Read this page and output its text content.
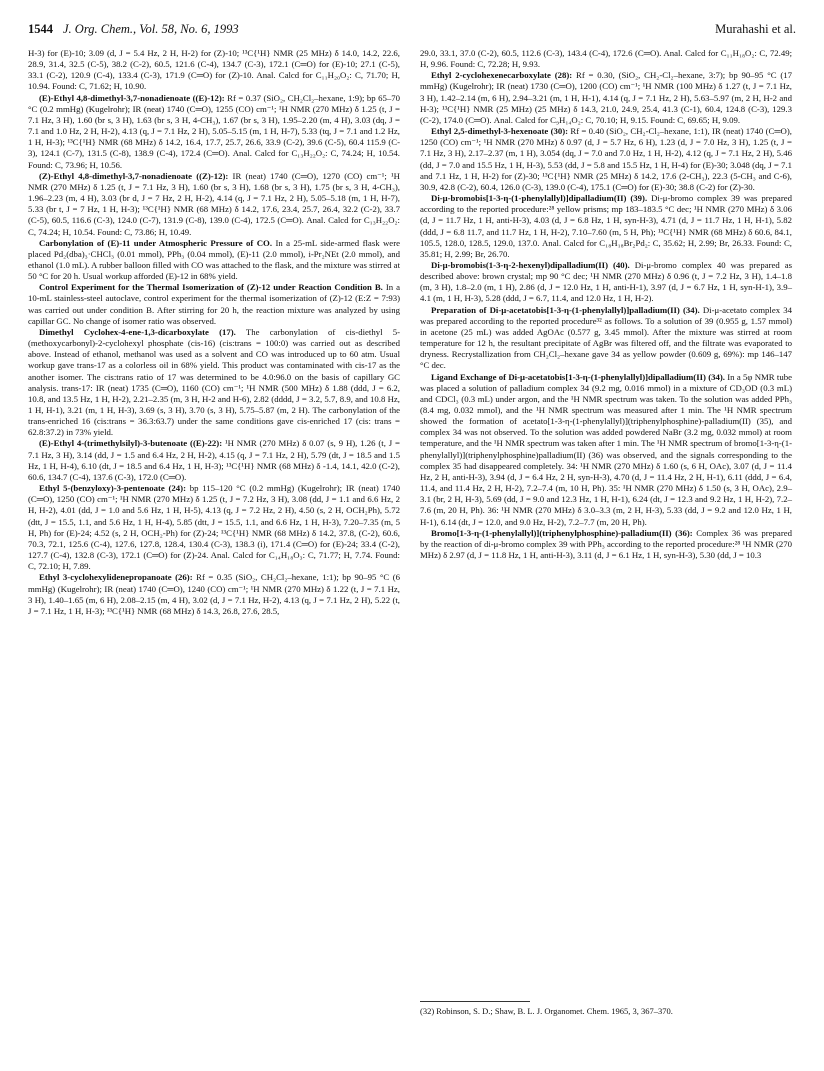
1544 J. Org. Chem., Vol. 58, No. 6, 1993	Murahashi et al.

H-3) for (E)-10; 3.09 (d, J = 5.4 Hz, 2 H, H-2) for (Z)-10; ¹³C{¹H} NMR (25 MHz) δ 14.0, 14.2, 22.6, 28.9, 31.4, 32.5 (C-5), 38.2 (C-2), 60.5, 121.6 (C-4), 134.7 (C-3), 172.1 (C═O) for (E)-10; 27.1 (C-5), 33.1 (C-2), 120.9 (C-4), 133.4 (C-3), 171.9 (C═O) for (Z)-10. Anal. Calcd for C₁₁H₂₀O₂: C, 71.70; H, 10.94. Found: C, 71.62; H, 10.90.

(E)-Ethyl 4,8-dimethyl-3,7-nonadienoate ((E)-12): Rf = 0.37 (SiO₂, CH₂Cl₂–hexane, 1:9); bp 65–70 °C (0.2 mmHg) (Kugelrohr); IR (neat) 1740 (C═O), 1255 (CO) cm⁻¹; ¹H NMR (270 MHz) δ 1.25 (t, J = 7.1 Hz, 3 H), 1.60 (br s, 3 H), 1.63 (br s, 3 H, 4-CH₃), 1.67 (br s, 3 H), 1.95–2.20 (m, 4 H), 3.03 (dq, J = 7.1 and 1.0 Hz, 2 H, H-2), 4.13 (q, J = 7.1 Hz, 2 H), 5.05–5.15 (m, 1 H, H-7), 5.33 (tq, J = 7.1 and 1.2 Hz, 1 H, H-3); ¹³C{¹H} NMR (68 MHz) δ 14.2, 16.4, 17.7, 25.7, 26.6, 33.9 (C-2), 39.6 (C-5), 60.4 115.9 (C-3), 124.1 (C-7), 131.5 (C-8), 138.9 (C-4), 172.4 (C═O). Anal. Calcd for C₁₃H₂₂O₂: C, 74.24; H, 10.54. Found: C, 73.96; H, 10.56.

(Z)-Ethyl 4,8-dimethyl-3,7-nonadienoate ((Z)-12): IR (neat) 1740 (C═O), 1270 (CO) cm⁻¹; ¹H NMR (270 MHz) δ 1.25 (t, J = 7.1 Hz, 3 H), 1.60 (br s, 3 H), 1.68 (br s, 3 H), 1.75 (br s, 3 H, 4-CH₃), 1.96–2.23 (m, 4 H), 3.03 (br d, J = 7 Hz, 2 H, H-2), 4.14 (q, J = 7.1 Hz, 2 H), 5.05–5.18 (m, 1 H, H-7), 5.33 (br t, J = 7 Hz, 1 H, H-3); ¹³C{¹H} NMR (68 MHz) δ 14.2, 17.6, 23.4, 25.7, 26.4, 32.2 (C-2), 33.7 (C-5), 60.5, 116.6 (C-3), 124.0 (C-7), 131.9 (C-8), 139.0 (C-4), 172.5 (C═O). Anal. Calcd for C₁₃H₂₂O₂: C, 74.24; H, 10.54. Found: C, 73.86; H, 10.49.

Carbonylation of (E)-11 under Atmospheric Pressure of CO. In a 25-mL side-armed flask were placed Pd₂(dba)₃·CHCl₃ (0.01 mmol), PPh₃ (0.04 mmol), (E)-11 (2.0 mmol), i-Pr₂NEt (2.0 mmol), and ethanol (1.0 mL). A rubber balloon filled with CO was attached to the flask, and the mixture was stirred at 50 °C for 20 h. Usual workup afforded (E)-12 in 68% yield.

Control Experiment for the Thermal Isomerization of (Z)-12 under Reaction Condition B. In a 10-mL stainless-steel autoclave, control experiment for the thermal isomerization of (Z)-12 (E:Z = 7:93) was carried out under condition B. After stirring for 20 h, the reaction mixture was analyzed by using capillar GC. No change of isomer ratio was observed.

Dimethyl Cyclohex-4-ene-1,3-dicarboxylate (17). The carbonylation of cis-diethyl 5-(methoxycarbonyl)-2-cyclohexyl phosphate (cis-16) (cis:trans = 100:0) was carried out as described above. Instead of ethanol, methanol was used as a solvent and CO was introduced up to 60 atm. Usual workup gave trans-17 as a colorless oil in 68% yield. This product was contaminated with cis-17 as the another isomer. The cis:trans ratio of 17 was determined to be 4.0:96.0 on the basis of capillary GC analysis. trans-17: IR (neat) 1735 (C═O), 1160 (CO) cm⁻¹; ¹H NMR (500 MHz) δ 1.88 (ddd, J = 6.2, 10.8, and 13.5 Hz, 1 H, H-2), 2.21–2.35 (m, 3 H, H-2 and H-6), 2.82 (dddd, J = 3.2, 5.7, 8.9, and 10.8 Hz, 1 H, H-1), 3.21 (m, 1 H, H-3), 3.69 (s, 3 H), 3.70 (s, 3 H), 5.75–5.87 (m, 2 H). The carbonylation of the trans-enriched 16 (cis:trans = 36.3:63.7) under the same conditions gave cis-enriched 17 (cis: trans = 62.8:37.2) in 73% yield.

(E)-Ethyl 4-(trimethylsilyl)-3-butenoate ((E)-22): ¹H NMR (270 MHz) δ 0.07 (s, 9 H), 1.26 (t, J = 7.1 Hz, 3 H), 3.14 (dd, J = 1.5 and 6.4 Hz, 2 H, H-2), 4.15 (q, J = 7.1 Hz, 2 H), 5.79 (dt, J = 18.5 and 1.5 Hz, 1 H, H-4), 6.10 (dt, J = 18.5 and 6.4 Hz, 1 H, H-3); ¹³C{¹H} NMR (68 MHz) δ -1.4, 14.1, 42.0 (C-2), 60.6, 134.7 (C-4), 137.6 (C-3), 172.0 (C═O).

Ethyl 5-(benzyloxy)-3-pentenoate (24): bp 115–120 °C (0.2 mmHg) (Kugelrohr); IR (neat) 1740 (C═O), 1250 (CO) cm⁻¹; ¹H NMR (270 MHz) δ 1.25 (t, J = 7.2 Hz, 3 H), 3.08 (dd, J = 1.1 and 6.6 Hz, 2 H, H-2), 4.01 (dd, J = 1.0 and 5.6 Hz, 1 H, H-5), 4.13 (q, J = 7.2 Hz, 2 H), 4.50 (s, 2 H, OCH₂Ph), 5.72 (dtt, J = 15.5, 1.1, and 5.6 Hz, 1 H, H-4), 5.85 (dtt, J = 15.5, 1.1, and 6.6 Hz, 1 H, H-3), 7.20–7.35 (m, 5 H, Ph) for (E)-24; 4.52 (s, 2 H, OCH₂-Ph) for (Z)-24; ¹³C{¹H} NMR (68 MHz) δ 14.2, 37.8, (C-2), 60.6, 70.3, 72.1, 125.6 (C-4), 127.6, 127.8, 128.4, 130.4 (C-3), 138.3 (i), 171.4 (C═O) for (E)-24; 33.4 (C-2), 127.7 (C-4), 132.8 (C-3), 172.1 (C═O) for (Z)-24. Anal. Calcd for C₁₄H₁₈O₃: C, 71.77; H, 7.74. Found: C, 72.10; H, 7.89.

Ethyl 3-cyclohexylidenepropanoate (26): Rf = 0.35 (SiO₂, CH₂Cl₂–hexane, 1:1); bp 90–95 °C (6 mmHg) (Kugelrohr); IR (neat) 1740 (C═O), 1240 (CO) cm⁻¹; ¹H NMR (270 MHz) δ 1.22 (t, J = 7.1 Hz, 3 H), 1.40–1.65 (m, 6 H), 2.08–2.15 (m, 4 H), 3.02 (d, J = 7.1 Hz, H-2), 4.13 (q, J = 7.1 Hz, 2 H), 5.22 (t, J = 7.1 Hz, 1 H, H-3); ¹³C{¹H} NMR (68 MHz) δ 14.3, 26.8, 27.6, 28.5,

29.0, 33.1, 37.0 (C-2), 60.5, 112.6 (C-3), 143.4 (C-4), 172.6 (C═O). Anal. Calcd for C₁₁H₁₈O₂: C, 72.49; H, 9.96. Found: C, 72.28; H, 9.93.

Ethyl 2-cyclohexenecarboxylate (28): Rf = 0.30, (SiO₂, CH₂-Cl₂–hexane, 3:7); bp 90–95 °C (17 mmHg) (Kugelrohr); IR (neat) 1730 (C═O), 1200 (CO) cm⁻¹; ¹H NMR (100 MHz) δ 1.27 (t, J = 7.1 Hz, 3 H), 1.42–2.14 (m, 6 H), 2.94–3.21 (m, 1 H, H-1), 4.14 (q, J = 7.1 Hz, 2 H), 5.63–5.97 (m, 2 H, H-2 and H-3); ¹³C{¹H} NMR (25 MHz) (25 MHz) δ 14.3, 21.0, 24.9, 25.4, 41.3 (C-1), 60.4, 124.8 (C-3), 129.3 (C-2), 174.0 (C═O). Anal. Calcd for C₉H₁₄O₂: C, 70.10; H, 9.15. Found: C, 69.65; H, 9.09.

Ethyl 2,5-dimethyl-3-hexenoate (30): Rf = 0.40 (SiO₂, CH₂-Cl₂–hexane, 1:1), IR (neat) 1740 (C═O), 1250 (CO) cm⁻¹; ¹H NMR (270 MHz) δ 0.97 (d, J = 5.7 Hz, 6 H), 1.23 (d, J = 7.0 Hz, 3 H), 1.25 (t, J = 7.1 Hz, 3 H), 2.17–2.37 (m, 1 H), 3.054 (dq, J = 7.0 and 7.0 Hz, 1 H, H-2), 4.12 (q, J = 7.1 Hz, 2 H), 5.46 (dd, J = 7.0 and 15.5 Hz, 1 H, H-3), 5.53 (dd, J = 5.8 and 15.5 Hz, 1 H, H-4) for (E)-30; 3.048 (dq, J = 7.1 and 7.1 Hz, 1 H, H-2) for (Z)-30; ¹³C{¹H} NMR (25 MHz) δ 14.2, 17.6 (2-CH₃), 22.3 (5-CH₃ and C-6), 30.9, 42.8 (C-2), 60.4, 126.0 (C-3), 139.0 (C-4), 175.1 (C═O) for (E)-30; 38.8 (C-2) for (Z)-30.

Di-μ-bromobis[1-3-η-(1-phenylallyl)]dipalladium(II) (39). Di-μ-bromo complex 39 was prepared according to the reported procedure:²⁸ yellow prisms; mp 183–183.5 °C dec; ¹H NMR (270 MHz) δ 3.06 (d, J = 11.7 Hz, 1 H, anti-H-3), 4.03 (d, J = 6.8 Hz, 1 H, syn-H-3), 4.71 (d, J = 11.7 Hz, 1 H, H-1), 5.82 (ddd, J = 6.8 11.7, and 11.7 Hz, 1 H, H-2), 7.10–7.60 (m, 5 H, Ph); ¹³C{¹H} NMR (68 MHz) δ 60.6, 84.1, 105.5, 128.0, 128.5, 129.0, 137.0. Anal. Calcd for C₁₈H₁₈Br₂Pd₂: C, 35.62; H, 2.99; Br, 26.33. Found: C, 35.81; H, 2.99; Br, 26.70.

Di-μ-bromobis(1-3-η-2-hexenyl)dipalladium(II) (40). Di-μ-bromo complex 40 was prepared as described above: brown crystal; mp 90 °C dec; ¹H NMR (270 MHz) δ 0.96 (t, J = 7.2 Hz, 3 H), 1.4–1.8 (m, 3 H), 1.8–2.0 (m, 1 H), 2.86 (d, J = 12.0 Hz, 1 H, anti-H-1), 3.97 (d, J = 6.7 Hz, 1 H, syn-H-1), 3.9–4.1 (m, 1 H, H-3), 5.28 (ddd, J = 6.7, 11.4, and 12.0 Hz, 1 H, H-2).

Preparation of Di-μ-acetatobis[1-3-η-(1-phenylallyl)]palladium(II) (34). Di-μ-acetato complex 34 was prepared according to the reported procedure³² as follows. To a solution of 39 (0.955 g, 1.57 mmol) in acetone (25 mL) was added AgOAc (0.577 g, 3.45 mmol). After the mixture was stirred at room temperature for 12 h, the resultant precipitate of AgBr was filtered off, and the filtrate was evaporated to dryness. Recrystallization from CH₂Cl₂–hexane gave 34 as yellow powder (0.609 g, 69%): mp 146–147 °C dec.

Ligand Exchange of Di-μ-acetatobis[1-3-η-(1-phenylallyl)]dipalladium(II) (34). In a 5φ NMR tube was placed a solution of palladium complex 34 (9.2 mg, 0.016 mmol) in a mixture of CD₃OD (0.3 mL) and CDCl₃ (0.3 mL) under argon, and the ¹H NMR spectrum was taken. To the solution was added PPh₃ (8.4 mg, 0.032 mmol), and the ¹H NMR spectrum was measured after 1 min. The ¹H NMR spectrum showed the formation of acetato[1-3-η-(1-phenylallyl)](triphenylphosphine)-palladium(II) (35), and complex 34 was not observed. To the solution was added powdered NaBr (3.2 mg, 0.032 mmol) at room temperature, and the ¹H NMR spectrum was taken after 1 min. The ¹H NMR spectrum of bromo[1-3-η-(1-phenylallyl)](triphenylphosphine)palladium(II) (36) was observed, and the signals corresponding to the complex 35 had disappeared completely. 34: ¹H NMR (270 MHz) δ 1.60 (s, 6 H, OAc), 3.07 (d, J = 11.4 Hz, 2 H, anti-H-3), 3.94 (d, J = 6.4 Hz, 2 H, syn-H-3), 4.70 (d, J = 11.4 Hz, 2 H, H-1), 6.11 (ddd, J = 6.4, 11.4, and 11.4 Hz, 2 H, H-2), 7.2–7.4 (m, 10 H, Ph). 35: ¹H NMR (270 MHz) δ 1.50 (s, 3 H, OAc), 2.9–3.1 (br, 2 H, H-3), 5.69 (dd, J = 9.0 and 12.3 Hz, 1 H, H-1), 6.24 (dt, J = 12.3 and 9.2 Hz, 1 H, H-2), 7.2–7.6 (m, 20 H, Ph). 36: ¹H NMR (270 MHz) δ 3.0–3.3 (m, 2 H, H-3), 5.33 (dd, J = 9.2 and 12.0 Hz, 1 H, H-1), 6.14 (dt, J = 12.0, and 9.0 Hz, H-2), 7.2–7.7 (m, 20 H, Ph).

Bromo[1-3-η-(1-phenylallyl)](triphenylphosphine)-palladium(II) (36): Complex 36 was prepared by the reaction of di-μ-bromo complex 39 with PPh₃ according to the reported procedure:²⁸ ¹H NMR (270 MHz) δ 2.97 (d, J = 11.8 Hz, 1 H, anti-H-3), 3.11 (d, J = 6.1 Hz, 1 H, syn-H-3), 5.30 (dd, J = 10.3

(32) Robinson, S. D.; Shaw, B. L. J. Organomet. Chem. 1965, 3, 367–370.
